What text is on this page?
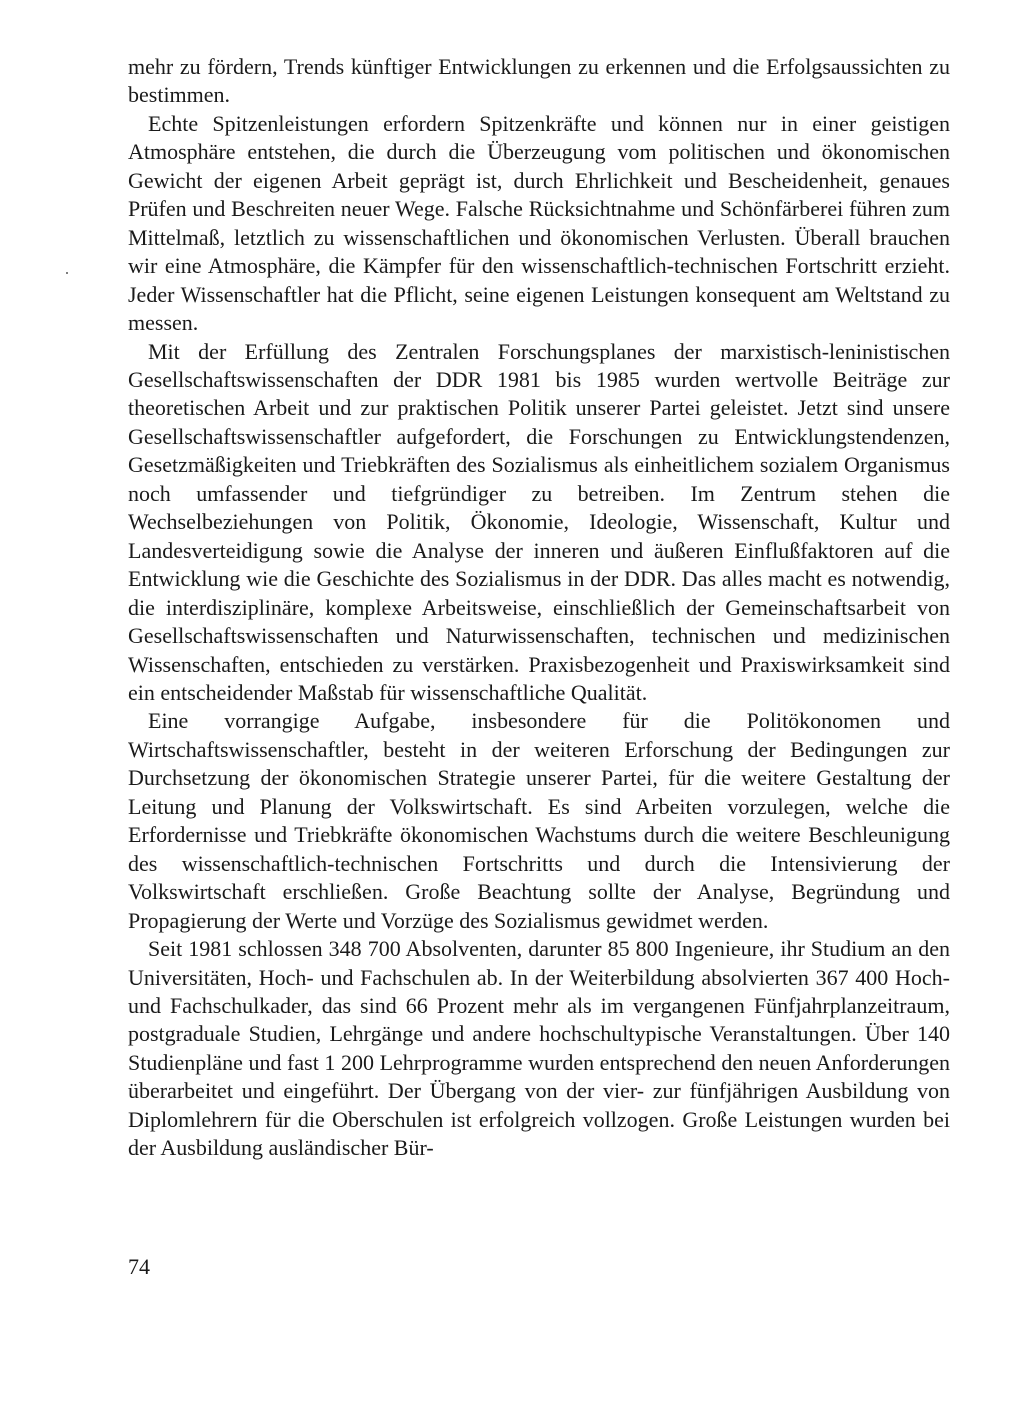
mehr zu fördern, Trends künftiger Entwicklungen zu erkennen und die Erfolgsaussichten zu bestimmen.

Echte Spitzenleistungen erfordern Spitzenkräfte und können nur in einer geistigen Atmosphäre entstehen, die durch die Überzeugung vom politischen und ökonomischen Gewicht der eigenen Arbeit geprägt ist, durch Ehrlichkeit und Bescheidenheit, genaues Prüfen und Beschreiten neuer Wege. Falsche Rücksichtnahme und Schönfärberei führen zum Mittelmaß, letztlich zu wissenschaftlichen und ökonomischen Verlusten. Überall brauchen wir eine Atmosphäre, die Kämpfer für den wissenschaftlich-technischen Fortschritt erzieht. Jeder Wissenschaftler hat die Pflicht, seine eigenen Leistungen konsequent am Weltstand zu messen.

Mit der Erfüllung des Zentralen Forschungsplanes der marxistisch-leninistischen Gesellschaftswissenschaften der DDR 1981 bis 1985 wurden wertvolle Beiträge zur theoretischen Arbeit und zur praktischen Politik unserer Partei geleistet. Jetzt sind unsere Gesellschaftswissenschaftler aufgefordert, die Forschungen zu Entwicklungstendenzen, Gesetzmäßigkeiten und Triebkräften des Sozialismus als einheitlichem sozialem Organismus noch umfassender und tiefgründiger zu betreiben. Im Zentrum stehen die Wechselbeziehungen von Politik, Ökonomie, Ideologie, Wissenschaft, Kultur und Landesverteidigung sowie die Analyse der inneren und äußeren Einflußfaktoren auf die Entwicklung wie die Geschichte des Sozialismus in der DDR. Das alles macht es notwendig, die interdisziplinäre, komplexe Arbeitsweise, einschließlich der Gemeinschaftsarbeit von Gesellschaftswissenschaften und Naturwissenschaften, technischen und medizinischen Wissenschaften, entschieden zu verstärken. Praxisbezogenheit und Praxiswirksamkeit sind ein entscheidender Maßstab für wissenschaftliche Qualität.

Eine vorrangige Aufgabe, insbesondere für die Politökonomen und Wirtschaftswissenschaftler, besteht in der weiteren Erforschung der Bedingungen zur Durchsetzung der ökonomischen Strategie unserer Partei, für die weitere Gestaltung der Leitung und Planung der Volkswirtschaft. Es sind Arbeiten vorzulegen, welche die Erfordernisse und Triebkräfte ökonomischen Wachstums durch die weitere Beschleunigung des wissenschaftlich-technischen Fortschritts und durch die Intensivierung der Volkswirtschaft erschließen. Große Beachtung sollte der Analyse, Begründung und Propagierung der Werte und Vorzüge des Sozialismus gewidmet werden.

Seit 1981 schlossen 348 700 Absolventen, darunter 85 800 Ingenieure, ihr Studium an den Universitäten, Hoch- und Fachschulen ab. In der Weiterbildung absolvierten 367 400 Hoch- und Fachschulkader, das sind 66 Prozent mehr als im vergangenen Fünfjahrplanzeitraum, postgraduale Studien, Lehrgänge und andere hochschultypische Veranstaltungen. Über 140 Studienpläne und fast 1 200 Lehrprogramme wurden entsprechend den neuen Anforderungen überarbeitet und eingeführt. Der Übergang von der vier- zur fünfjährigen Ausbildung von Diplomlehrern für die Oberschulen ist erfolgreich vollzogen. Große Leistungen wurden bei der Ausbildung ausländischer Bür-

74
